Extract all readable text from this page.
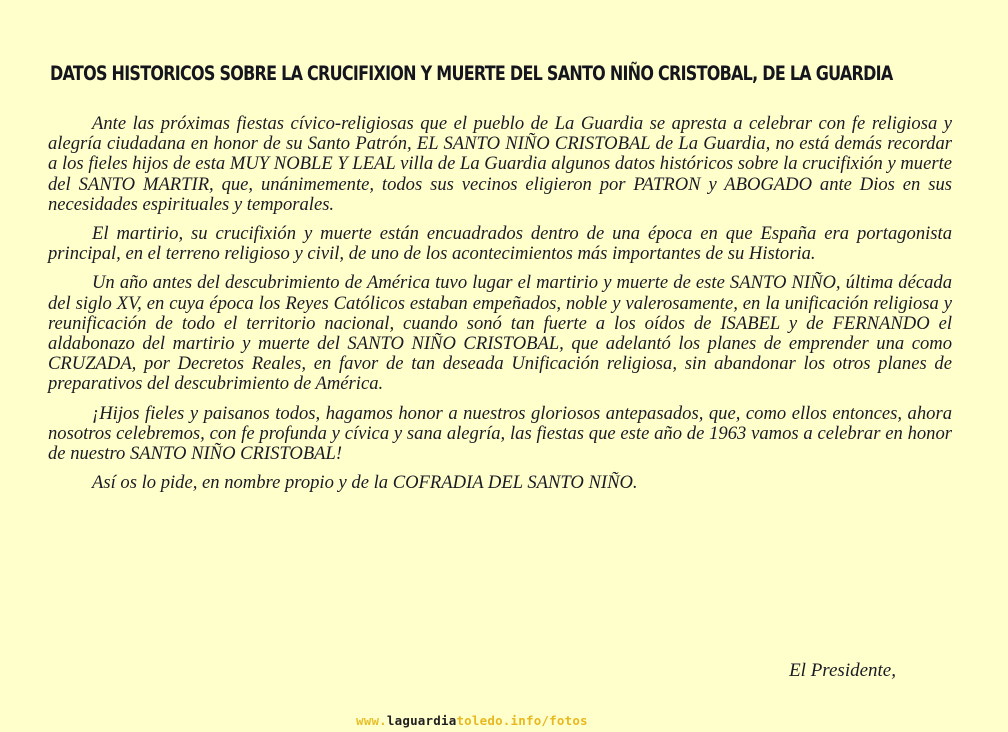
DATOS HISTORICOS SOBRE LA CRUCIFIXION Y MUERTE DEL SANTO NIÑO CRISTOBAL, DE LA GUARDIA

Ante las próximas fiestas cívico-religiosas que el pueblo de La Guardia se apresta a celebrar con fe religiosa y alegría ciudadana en honor de su Santo Patrón, EL SANTO NIÑO CRISTOBAL de La Guardia, no está demás recordar a los fieles hijos de esta MUY NOBLE Y LEAL villa de La Guardia algunos datos históricos sobre la crucifixión y muerte del SANTO MARTIR, que, unánimemente, todos sus vecinos eligieron por PATRON y ABOGADO ante Dios en sus necesidades espirituales y temporales.

El martirio, su crucifixión y muerte están encuadrados dentro de una época en que España era portagonista principal, en el terreno religioso y civil, de uno de los acontecimientos más importantes de su Historia.

Un año antes del descubrimiento de América tuvo lugar el martirio y muerte de este SANTO NIÑO, última década del siglo XV, en cuya época los Reyes Católicos estaban empeñados, noble y valerosamente, en la unificación religiosa y reunificación de todo el territorio nacional, cuando sonó tan fuerte a los oídos de ISABEL y de FERNANDO el aldabonazo del martirio y muerte del SANTO NIÑO CRISTOBAL, que adelantó los planes de emprender una como CRUZADA, por Decretos Reales, en favor de tan deseada Unificación religiosa, sin abandonar los otros planes de preparativos del descubrimiento de América.

¡Hijos fieles y paisanos todos, hagamos honor a nuestros gloriosos antepasados, que, como ellos entonces, ahora nosotros celebremos, con fe profunda y cívica y sana alegría, las fiestas que este año de 1963 vamos a celebrar en honor de nuestro SANTO NIÑO CRISTOBAL!

Así os lo pide, en nombre propio y de la COFRADIA DEL SANTO NIÑO.

El Presidente,
www.laguardiatoledo.info/fotos
